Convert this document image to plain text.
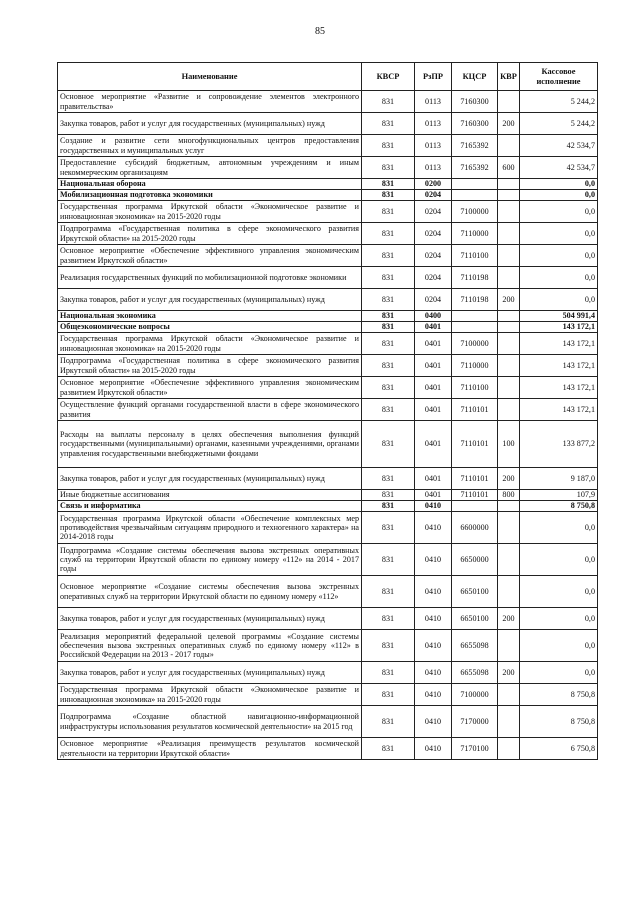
85
Наименование	КВСР	РзПР	КЦСР	КВР	Кассовое исполнение
Основное мероприятие «Развитие и сопровождение элементов электронного правительства»	831	0113	7160300		5 244,2
Закупка товаров, работ и услуг для государственных (муниципальных) нужд	831	0113	7160300	200	5 244,2
Создание и развитие сети многофункциональных центров предоставления государственных и муниципальных услуг	831	0113	7165392		42 534,7
Предоставление субсидий бюджетным, автономным учреждениям и иным некоммерческим организациям	831	0113	7165392	600	42 534,7
Национальная оборона	831	0200			0,0
Мобилизационная подготовка экономики	831	0204			0,0
Государственная программа Иркутской области «Экономическое развитие и инновационная экономика» на 2015-2020 годы	831	0204	7100000		0,0
Подпрограмма «Государственная политика в сфере экономического развития Иркутской области» на 2015-2020 годы	831	0204	7110000		0,0
Основное мероприятие «Обеспечение эффективного управления экономическим развитием Иркутской области»	831	0204	7110100		0,0
Реализация государственных функций по мобилизационной подготовке экономики	831	0204	7110198		0,0
Закупка товаров, работ и услуг для государственных (муниципальных) нужд	831	0204	7110198	200	0,0
Национальная экономика	831	0400			504 991,4
Общеэкономические вопросы	831	0401			143 172,1
Государственная программа Иркутской области «Экономическое развитие и инновационная экономика» на 2015-2020 годы	831	0401	7100000		143 172,1
Подпрограмма «Государственная политика в сфере экономического развития Иркутской области» на 2015-2020 годы	831	0401	7110000		143 172,1
Основное мероприятие «Обеспечение эффективного управления экономическим развитием Иркутской области»	831	0401	7110100		143 172,1
Осуществление функций органами государственной власти в сфере экономического развития	831	0401	7110101		143 172,1
Расходы на выплаты персоналу в целях обеспечения выполнения функций государственными (муниципальными) органами, казенными учреждениями, органами управления государственными внебюджетными фондами	831	0401	7110101	100	133 877,2
Закупка товаров, работ и услуг для государственных (муниципальных) нужд	831	0401	7110101	200	9 187,0
Иные бюджетные ассигнования	831	0401	7110101	800	107,9
Связь и информатика	831	0410			8 750,8
Государственная программа Иркутской области «Обеспечение комплексных мер противодействия чрезвычайным ситуациям природного и техногенного характера» на 2014-2018 годы	831	0410	6600000		0,0
Подпрограмма «Создание системы обеспечения вызова экстренных оперативных служб на территории Иркутской области по единому номеру «112» на 2014 - 2017 годы	831	0410	6650000		0,0
Основное мероприятие «Создание системы обеспечения вызова экстренных оперативных служб на территории Иркутской области по единому номеру «112»	831	0410	6650100		0,0
Закупка товаров, работ и услуг для государственных (муниципальных) нужд	831	0410	6650100	200	0,0
Реализация мероприятий федеральной целевой программы «Создание системы обеспечения вызова экстренных оперативных служб по единому номеру «112» в Российской Федерации на 2013 - 2017 годы»	831	0410	6655098		0,0
Закупка товаров, работ и услуг для государственных (муниципальных) нужд	831	0410	6655098	200	0,0
Государственная программа Иркутской области «Экономическое развитие и инновационная экономика» на 2015-2020 годы	831	0410	7100000		8 750,8
Подпрограмма «Создание областной навигационно-информационной инфраструктуры использования результатов космической деятельности» на 2015 год	831	0410	7170000		8 750,8
Основное мероприятие «Реализация преимуществ результатов космической деятельности на территории Иркутской области»	831	0410	7170100		6 750,8
